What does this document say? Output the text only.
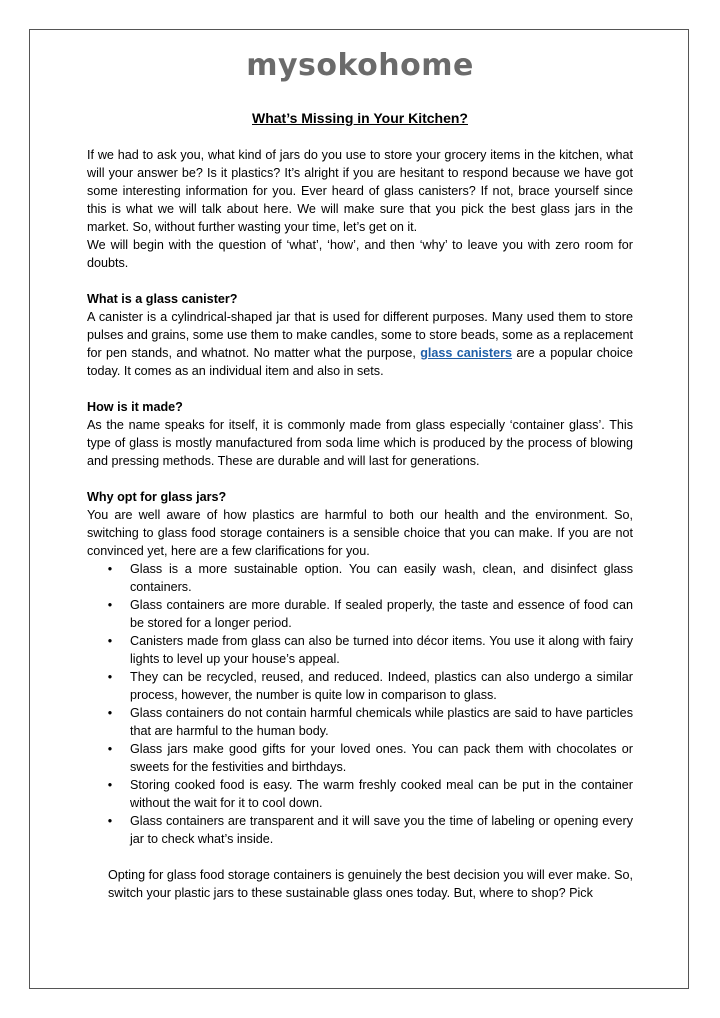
mysokohome
What’s Missing in Your Kitchen?

If we had to ask you, what kind of jars do you use to store your grocery items in the kitchen, what will your answer be? Is it plastics? It’s alright if you are hesitant to respond because we have got some interesting information for you. Ever heard of glass canisters? If not, brace yourself since this is what we will talk about here. We will make sure that you pick the best glass jars in the market. So, without further wasting your time, let’s get on it.

We will begin with the question of ‘what’, ‘how’, and then ‘why’ to leave you with zero room for doubts.

What is a glass canister?

A canister is a cylindrical-shaped jar that is used for different purposes. Many used them to store pulses and grains, some use them to make candles, some to store beads, some as a replacement for pen stands, and whatnot. No matter what the purpose, glass canisters are a popular choice today. It comes as an individual item and also in sets.

How is it made?

As the name speaks for itself, it is commonly made from glass especially ‘container glass’. This type of glass is mostly manufactured from soda lime which is produced by the process of blowing and pressing methods. These are durable and will last for generations.

Why opt for glass jars?

You are well aware of how plastics are harmful to both our health and the environment. So, switching to glass food storage containers is a sensible choice that you can make. If you are not convinced yet, here are a few clarifications for you.

• Glass is a more sustainable option. You can easily wash, clean, and disinfect glass containers.
• Glass containers are more durable. If sealed properly, the taste and essence of food can be stored for a longer period.
• Canisters made from glass can also be turned into décor items. You use it along with fairy lights to level up your house’s appeal.
• They can be recycled, reused, and reduced. Indeed, plastics can also undergo a similar process, however, the number is quite low in comparison to glass.
• Glass containers do not contain harmful chemicals while plastics are said to have particles that are harmful to the human body.
• Glass jars make good gifts for your loved ones. You can pack them with chocolates or sweets for the festivities and birthdays.
• Storing cooked food is easy. The warm freshly cooked meal can be put in the container without the wait for it to cool down.
• Glass containers are transparent and it will save you the time of labeling or opening every jar to check what’s inside.

Opting for glass food storage containers is genuinely the best decision you will ever make. So, switch your plastic jars to these sustainable glass ones today. But, where to shop? Pick
